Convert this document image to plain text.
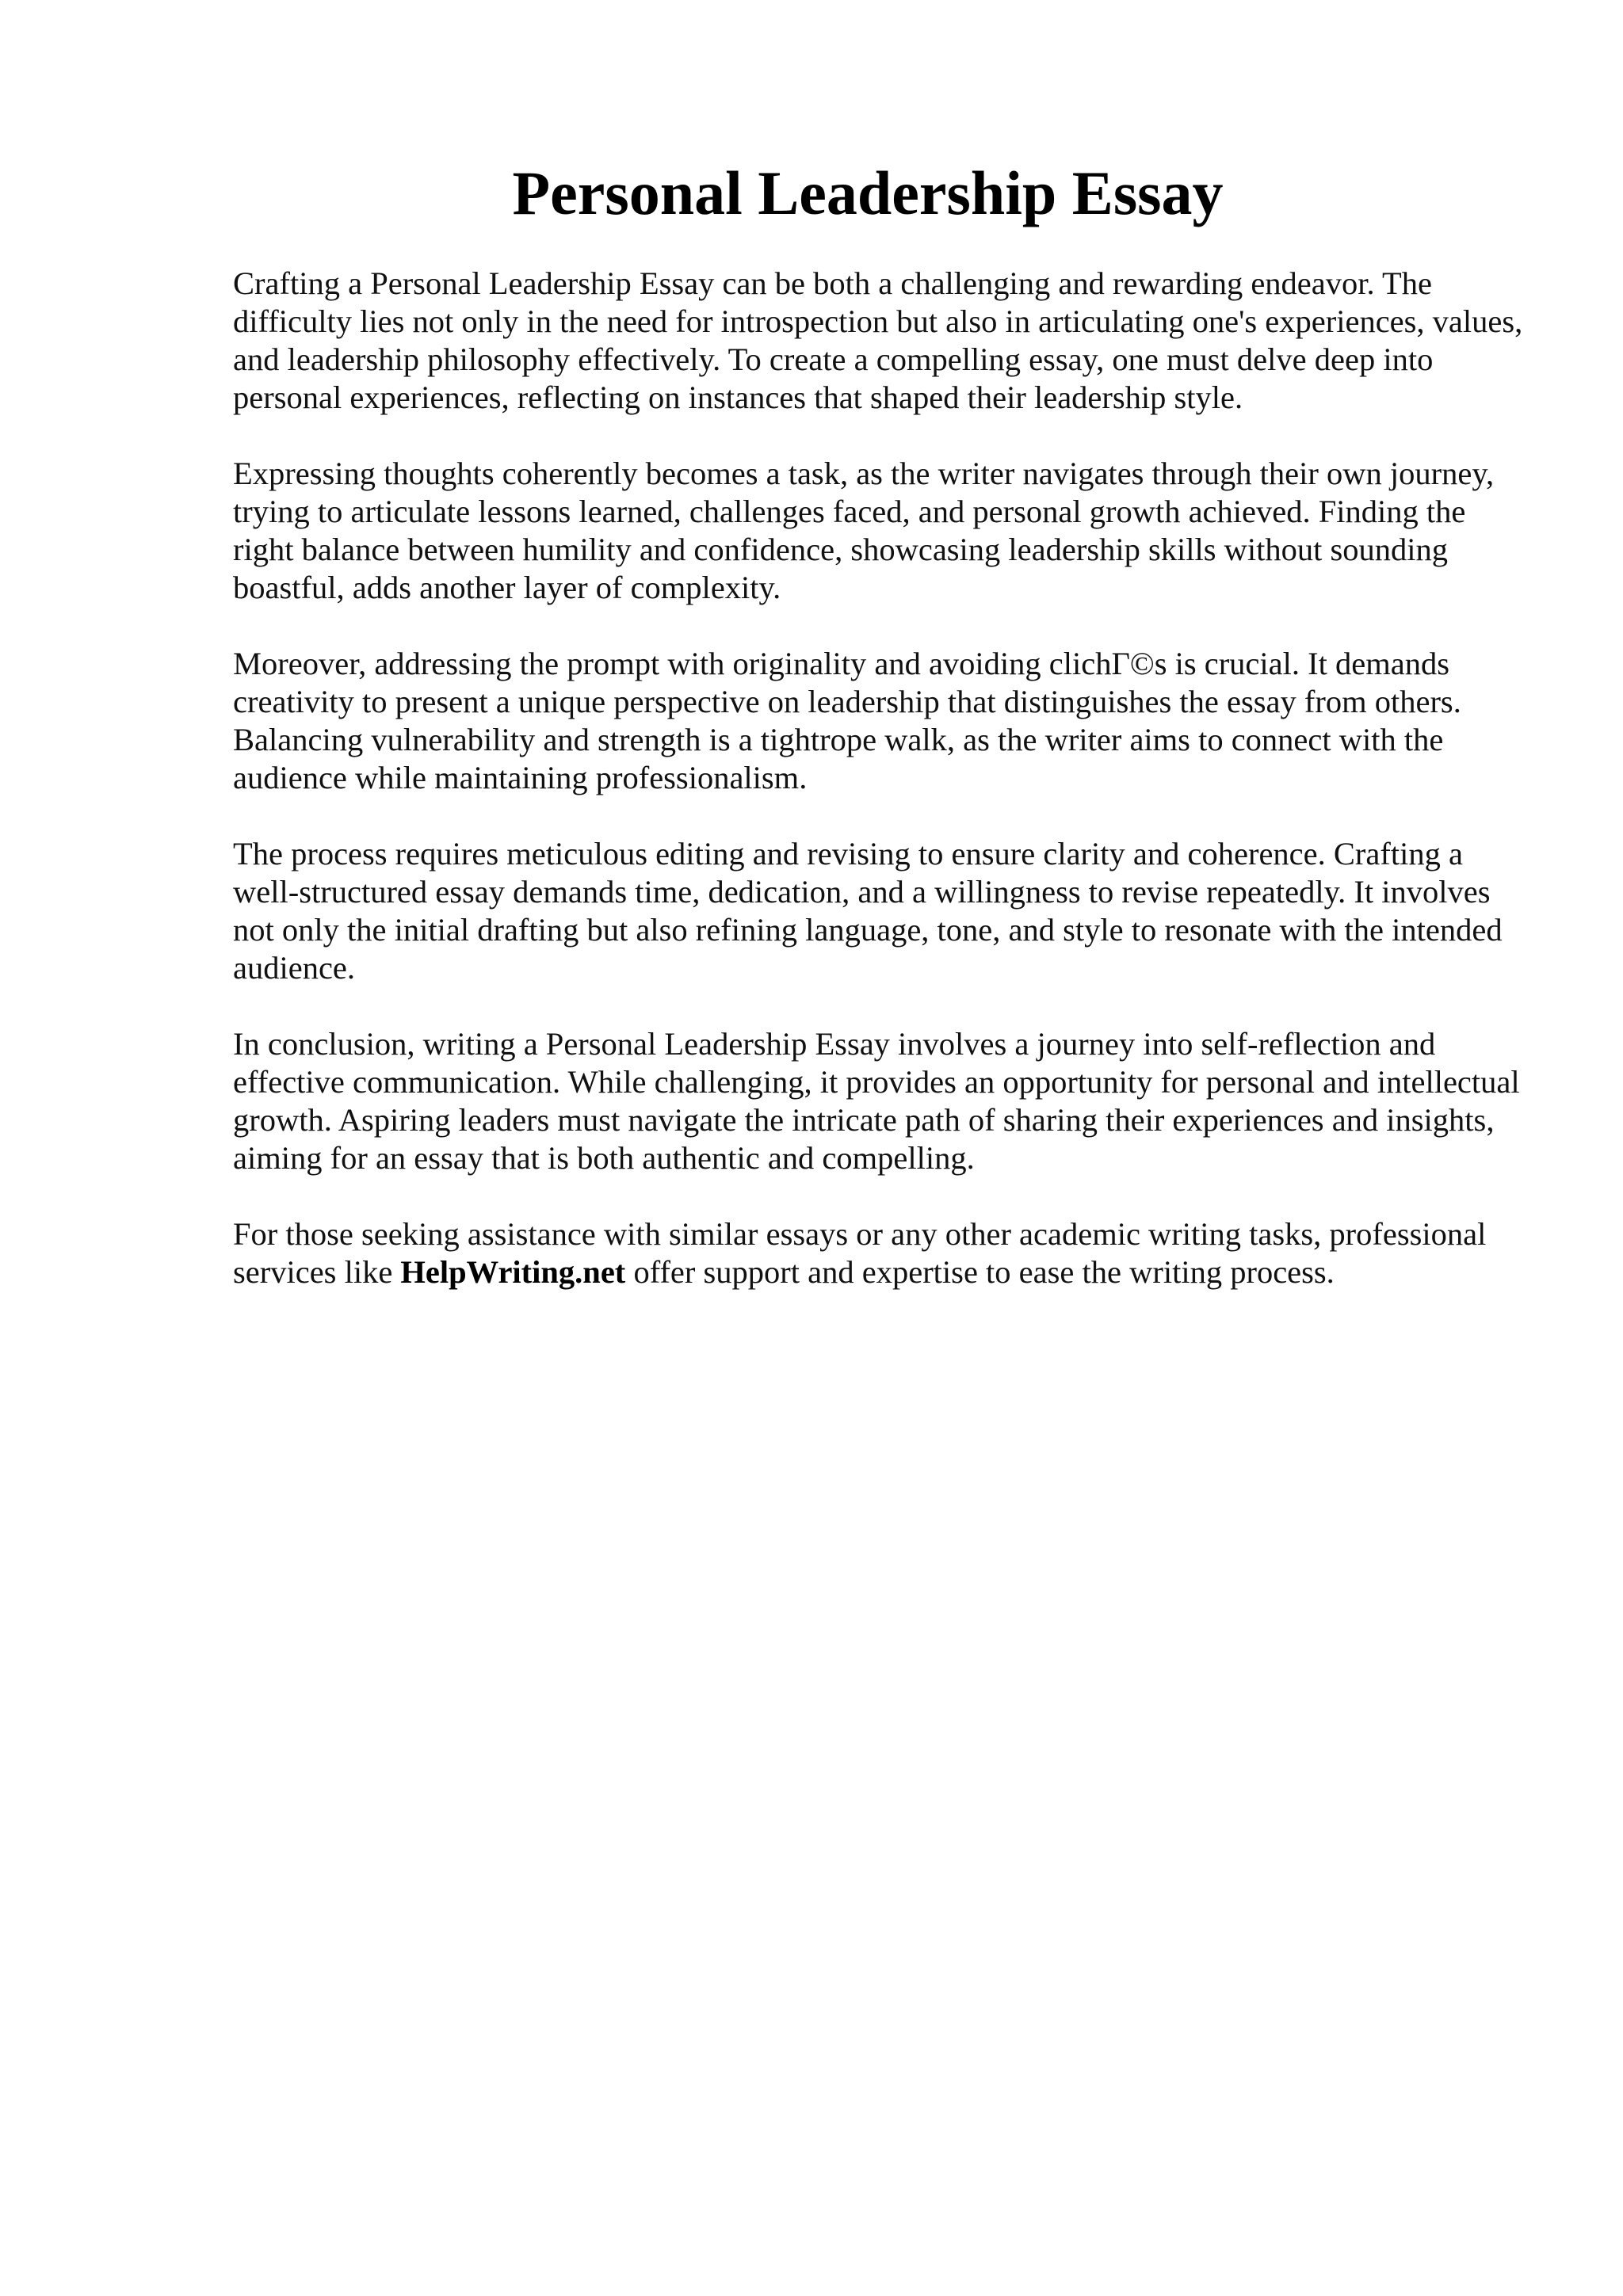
Personal Leadership Essay

Crafting a Personal Leadership Essay can be both a challenging and rewarding endeavor. The difficulty lies not only in the need for introspection but also in articulating one's experiences, values, and leadership philosophy effectively. To create a compelling essay, one must delve deep into personal experiences, reflecting on instances that shaped their leadership style.

Expressing thoughts coherently becomes a task, as the writer navigates through their own journey, trying to articulate lessons learned, challenges faced, and personal growth achieved. Finding the right balance between humility and confidence, showcasing leadership skills without sounding boastful, adds another layer of complexity.

Moreover, addressing the prompt with originality and avoiding clichΓ©s is crucial. It demands creativity to present a unique perspective on leadership that distinguishes the essay from others. Balancing vulnerability and strength is a tightrope walk, as the writer aims to connect with the audience while maintaining professionalism.

The process requires meticulous editing and revising to ensure clarity and coherence. Crafting a well-structured essay demands time, dedication, and a willingness to revise repeatedly. It involves not only the initial drafting but also refining language, tone, and style to resonate with the intended audience.

In conclusion, writing a Personal Leadership Essay involves a journey into self-reflection and effective communication. While challenging, it provides an opportunity for personal and intellectual growth. Aspiring leaders must navigate the intricate path of sharing their experiences and insights, aiming for an essay that is both authentic and compelling.

For those seeking assistance with similar essays or any other academic writing tasks, professional services like HelpWriting.net offer support and expertise to ease the writing process.
